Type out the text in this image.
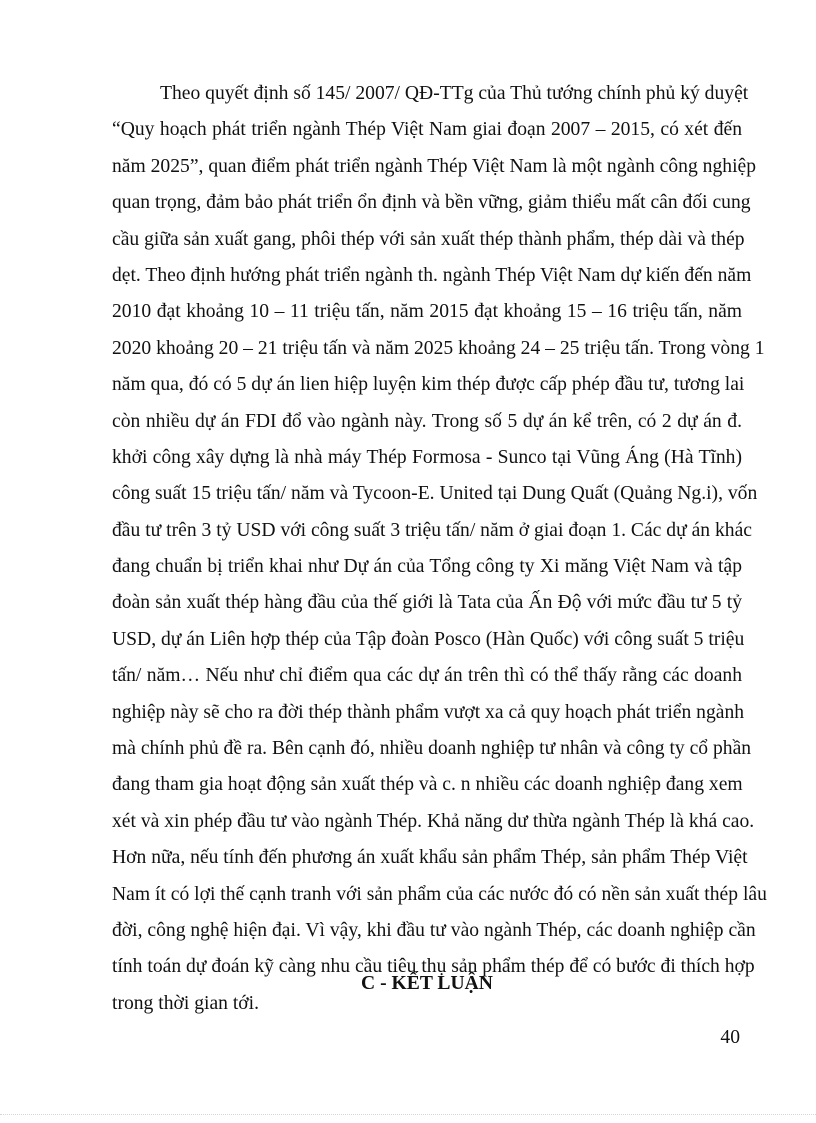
Theo quyết định số 145/ 2007/ QĐ-TTg của Thủ tướng chính phủ ký duyệt
“Quy hoạch phát triển ngành Thép Việt Nam giai đoạn 2007 – 2015, có xét đến
năm 2025”, quan điểm phát triển ngành Thép Việt Nam là một ngành công nghiệp
quan trọng, đảm bảo phát triển ổn định và bền vững, giảm thiểu mất cân đối cung
cầu giữa sản xuất gang, phôi thép với sản xuất thép thành phẩm, thép dài và thép
dẹt. Theo định hướng phát triển ngành th. ngành Thép Việt Nam dự kiến đến năm
2010 đạt khoảng 10 – 11 triệu tấn, năm 2015 đạt khoảng 15 – 16 triệu tấn, năm
2020 khoảng 20 – 21 triệu tấn và năm 2025 khoảng 24 – 25 triệu tấn. Trong vòng 1
năm qua, đó có 5 dự án lien hiệp luyện kim thép được cấp phép đầu tư, tương lai
còn nhiều dự án FDI đổ vào ngành này. Trong số 5 dự án kể trên, có 2 dự án đ.
khởi công xây dựng là nhà máy Thép Formosa - Sunco tại Vũng Áng (Hà Tĩnh)
công suất 15 triệu tấn/ năm và Tycoon-E. United tại Dung Quất (Quảng Ng.i), vốn
đầu tư trên 3 tỷ USD với công suất 3 triệu tấn/ năm ở giai đoạn 1. Các dự án khác
đang chuẩn bị triển khai như Dự án của Tổng công ty Xi măng Việt Nam và tập
đoàn sản xuất thép hàng đầu của thế giới là Tata của Ấn Độ với mức đầu tư 5 tỷ
USD, dự án Liên hợp thép của Tập đoàn Posco (Hàn Quốc) với công suất 5 triệu
tấn/ năm… Nếu như chỉ điểm qua các dự án trên thì có thể thấy rằng các doanh
nghiệp này sẽ cho ra đời thép thành phẩm vượt xa cả quy hoạch phát triển ngành
mà chính phủ đề ra. Bên cạnh đó, nhiều doanh nghiệp tư nhân và công ty cổ phần
đang tham gia hoạt động sản xuất thép và c. n nhiều các doanh nghiệp đang xem
xét và xin phép đầu tư vào ngành Thép. Khả năng dư thừa ngành Thép là khá cao.
Hơn nữa, nếu tính đến phương án xuất khẩu sản phẩm Thép, sản phẩm Thép Việt
Nam ít có lợi thế cạnh tranh với sản phẩm của các nước đó có nền sản xuất thép lâu
đời, công nghệ hiện đại. Vì vậy, khi đầu tư vào ngành Thép, các doanh nghiệp cần
tính toán dự đoán kỹ càng nhu cầu tiêu thụ sản phẩm thép để có bước đi thích hợp
trong thời gian tới.

C - KẾT LUẬN
40
